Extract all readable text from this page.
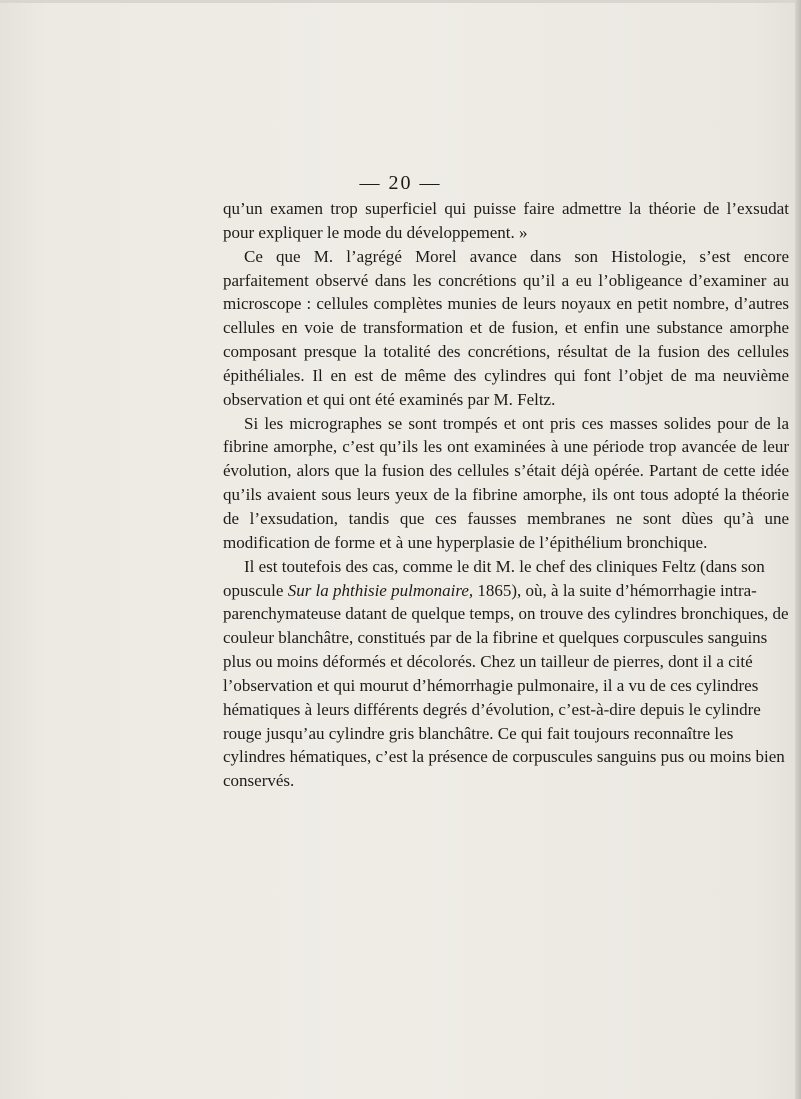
— 20 —

qu’un examen trop superficiel qui puisse faire admettre la théorie de l’exsudat pour expliquer le mode du développement. »

Ce que M. l’agrégé Morel avance dans son Histologie, s’est encore parfaitement observé dans les concrétions qu’il a eu l’obligeance d’examiner au microscope : cellules complètes munies de leurs noyaux en petit nombre, d’autres cellules en voie de transformation et de fusion, et enfin une substance amorphe composant presque la totalité des concrétions, résultat de la fusion des cellules épithéliales. Il en est de même des cylindres qui font l’objet de ma neuvième observation et qui ont été examinés par M. Feltz.

Si les micrographes se sont trompés et ont pris ces masses solides pour de la fibrine amorphe, c’est qu’ils les ont examinées à une période trop avancée de leur évolution, alors que la fusion des cellules s’était déjà opérée. Partant de cette idée qu’ils avaient sous leurs yeux de la fibrine amorphe, ils ont tous adopté la théorie de l’exsudation, tandis que ces fausses membranes ne sont dùes qu’à une modification de forme et à une hyperplasie de l’épithélium bronchique.

Il est toutefois des cas, comme le dit M. le chef des cliniques Feltz (dans son opuscule Sur la phthisie pulmonaire, 1865), où, à la suite d’hémorrhagie intra-parenchymateuse datant de quelque temps, on trouve des cylindres bronchiques, de couleur blanchâtre, constitués par de la fibrine et quelques corpuscules sanguins plus ou moins déformés et décolorés. Chez un tailleur de pierres, dont il a cité l’observation et qui mourut d’hémorrhagie pulmonaire, il a vu de ces cylindres hématiques à leurs différents degrés d’évolution, c’est-à-dire depuis le cylindre rouge jusqu’au cylindre gris blanchâtre. Ce qui fait toujours reconnaître les cylindres hématiques, c’est la présence de corpuscules sanguins pus ou moins bien conservés.
